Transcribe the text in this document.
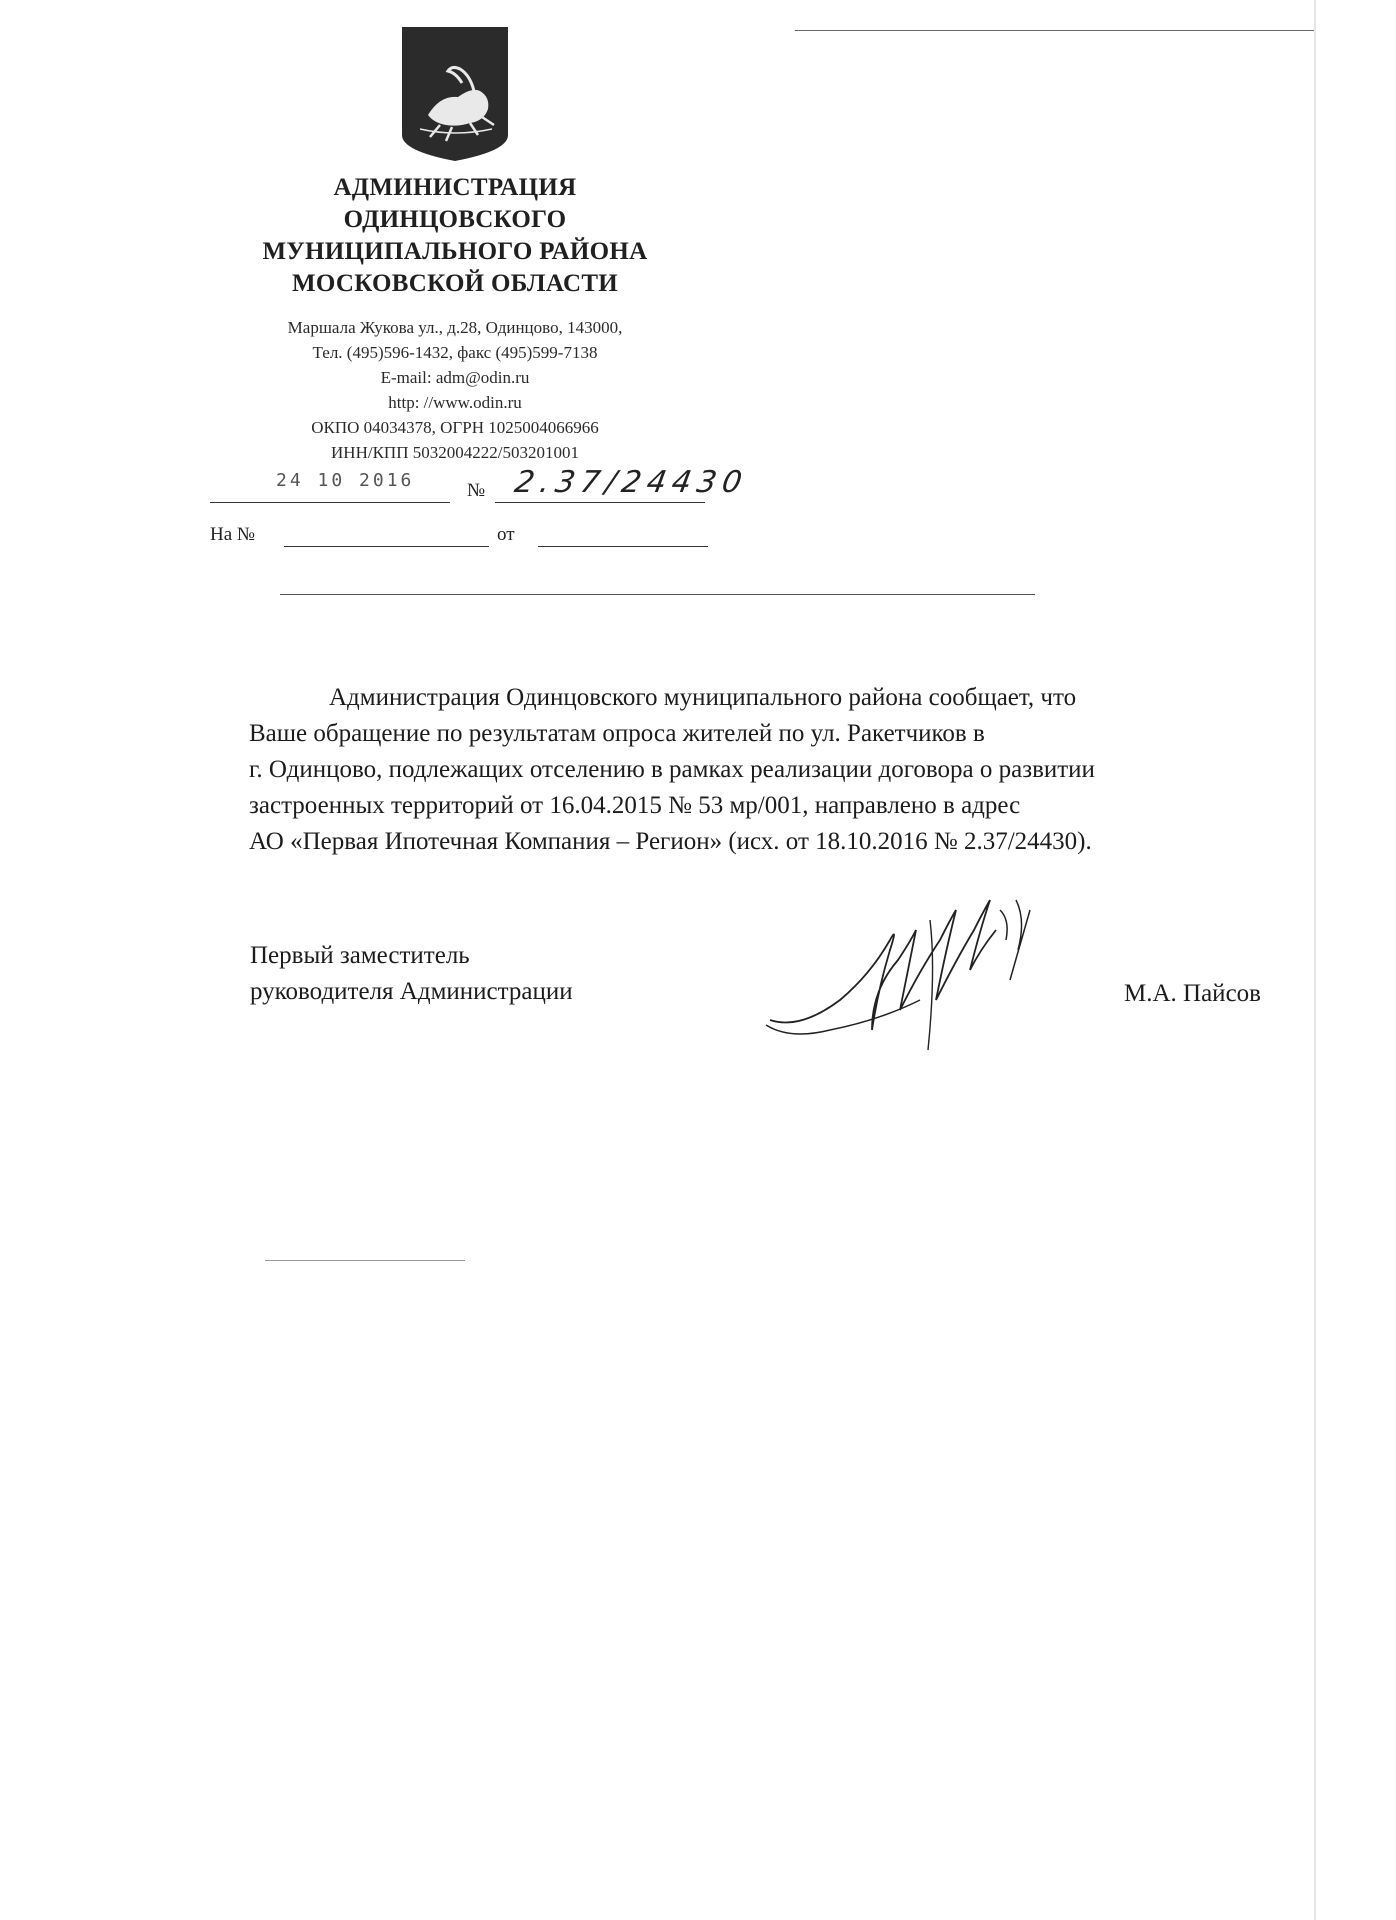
АДМИНИСТРАЦИЯ
ОДИНЦОВСКОГО
МУНИЦИПАЛЬНОГО РАЙОНА
МОСКОВСКОЙ ОБЛАСТИ
Маршала Жукова ул., д.28, Одинцово, 143000,
Тел. (495)596-1432, факс (495)599-7138
E-mail: adm@odin.ru
http: //www.odin.ru
ОКПО 04034378, ОГРН 1025004066966
ИНН/КПП 5032004222/503201001
24 10 2016	№ 2.37/24430
На №	от
Администрация Одинцовского муниципального района сообщает, что
Ваше обращение по результатам опроса жителей по ул. Ракетчиков в
г. Одинцово, подлежащих отселению в рамках реализации договора о развитии
застроенных территорий от 16.04.2015 № 53 мр/001, направлено в адрес
АО «Первая Ипотечная Компания – Регион» (исх. от 18.10.2016 № 2.37/24430).
Первый заместитель
руководителя Администрации	М.А. Пайсов
